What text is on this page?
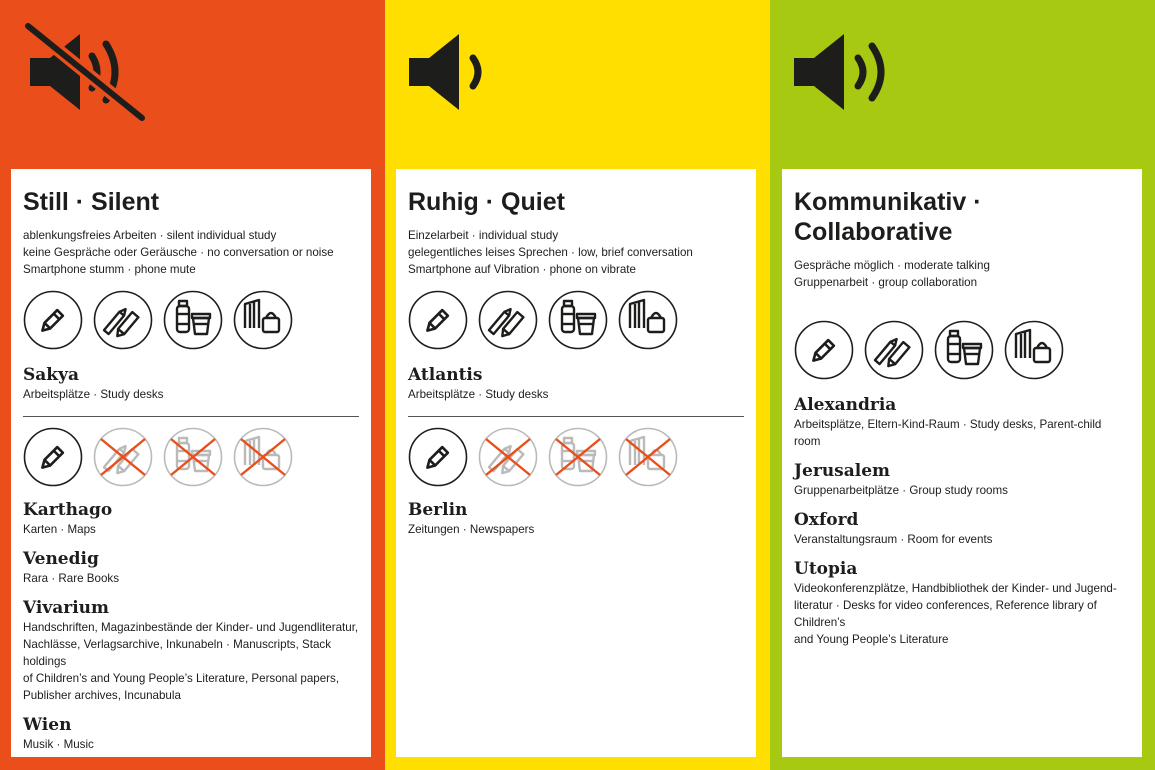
Still · Silent
ablenkungsfreies Arbeiten · silent individual study
keine Gespräche oder Geräusche · no conversation or noise
Smartphone stumm · phone mute
Sakya
Arbeitsplätze · Study desks
Karthago
Karten · Maps
Venedig
Rara · Rare Books
Vivarium
Handschriften, Magazinbestände der Kinder- und Jugendliteratur,
Nachlässe, Verlagsarchive, Inkunabeln · Manuscripts, Stack holdings
of Children’s and Young People’s Literature, Personal papers,
Publisher archives, Incunabula
Wien
Musik · Music
Ruhig · Quiet
Einzelarbeit · individual study
gelegentliches leises Sprechen · low, brief conversation
Smartphone auf Vibration · phone on vibrate
Atlantis
Arbeitsplätze · Study desks
Berlin
Zeitungen · Newspapers
Kommunikativ · Collaborative
Gespräche möglich · moderate talking
Gruppenarbeit · group collaboration
Alexandria
Arbeitsplätze, Eltern-Kind-Raum · Study desks, Parent-child room
Jerusalem
Gruppenarbeitplätze · Group study rooms
Oxford
Veranstaltungsraum · Room for events
Utopia
Videokonferenzplätze, Handbibliothek der Kinder- und Jugend-
literatur · Desks for video conferences, Reference library of Children’s
and Young People’s Literature
